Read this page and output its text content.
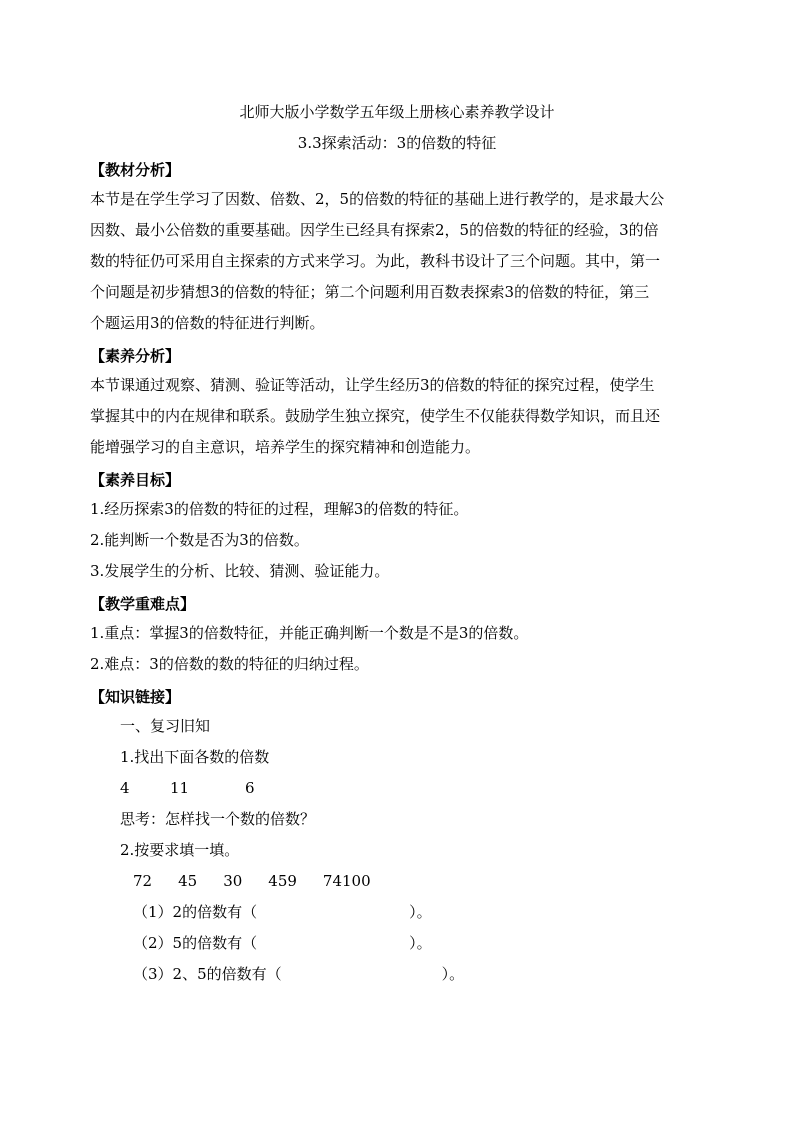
北师大版小学数学五年级上册核心素养教学设计

3.3探索活动：3的倍数的特征

【教材分析】

本节是在学生学习了因数、倍数、2，5的倍数的特征的基础上进行教学的，是求最大公

因数、最小公倍数的重要基础。因学生已经具有探索2，5的倍数的特征的经验，3的倍

数的特征仍可采用自主探索的方式来学习。为此，教科书设计了三个问题。其中，第一

个问题是初步猜想3的倍数的特征；第二个问题利用百数表探索3的倍数的特征，第三

个题运用3的倍数的特征进行判断。

【素养分析】

本节课通过观察、猜测、验证等活动，让学生经历3的倍数的特征的探究过程，使学生

掌握其中的内在规律和联系。鼓励学生独立探究，使学生不仅能获得数学知识，而且还

能增强学习的自主意识，培养学生的探究精神和创造能力。

【素养目标】

1.经历探索3的倍数的特征的过程，理解3的倍数的特征。

2.能判断一个数是否为3的倍数。

3.发展学生的分析、比较、猜测、验证能力。

【教学重难点】

1.重点：掌握3的倍数特征，并能正确判断一个数是不是3的倍数。

2.难点：3的倍数的数的特征的归纳过程。

【知识链接】

一、复习旧知

1.找出下面各数的倍数

4	11	6

思考：怎样找一个数的倍数？

2.按要求填一填。

72 45 30 459 74100

（1）2的倍数有（	）。

（2）5的倍数有（	）。

（3）2、5的倍数有（	）。
